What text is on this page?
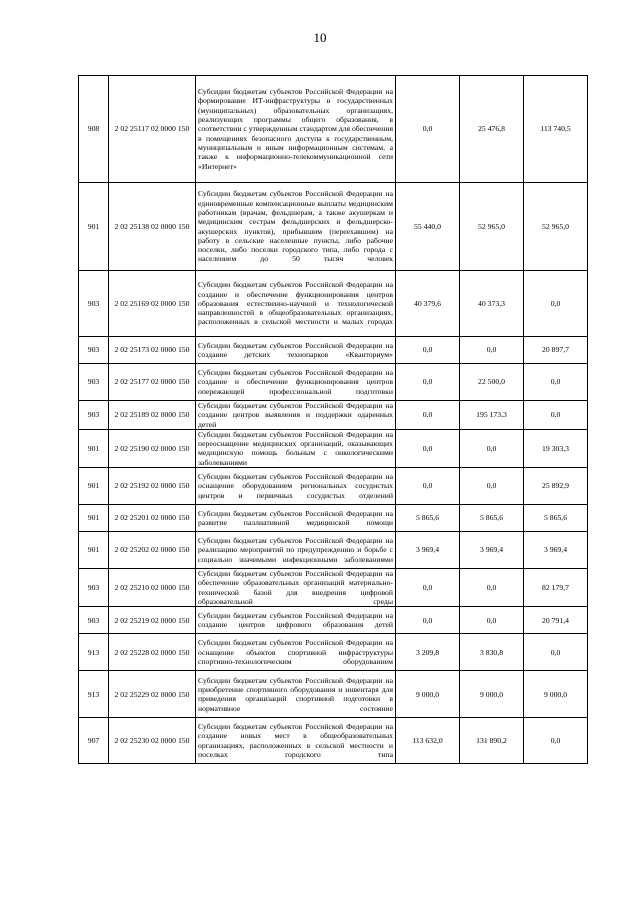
10
908	2 02 25117 02 0000 150	Субсидии бюджетам субъектов Российской Федерации на формирование ИТ-инфраструктуры в государственных (муниципальных) образовательных организациях, реализующих программы общего образования, в соответствии с утвержденным стандартом для обеспечения в помещениях безопасного доступа к государственным, муниципальным и иным информационным системам, а также к информационно-телекоммуникационной сети «Интернет»	0,0	25 476,8	113 740,5
901	2 02 25138 02 0000 150	Субсидии бюджетам субъектов Российской Федерации на единовременные компенсационные выплаты медицинским работникам (врачам, фельдшерам, а также акушеркам и медицинским сестрам фельдшерских и фельдшерско-акушерских пунктов), прибывшим (переехавшим) на работу в сельские населенные пункты, либо рабочие поселки, либо поселки городского типа, либо города с населением до 50 тысяч человек	55 440,0	52 965,0	52 965,0
903	2 02 25169 02 0000 150	Субсидии бюджетам субъектов Российской Федерации на создание и обеспечение функционирования центров образования естественно-научной и технологической направленностей в общеобразовательных организациях, расположенных в сельской местности и малых городах	40 379,6	40 373,3	0,0
903	2 02 25173 02 0000 150	Субсидии бюджетам субъектов Российской Федерации на создание детских технопарков «Кванториум»	0,0	0,0	20 897,7
903	2 02 25177 02 0000 150	Субсидии бюджетам субъектов Российской Федерации на создание и обеспечение функционирования центров опережающей профессиональной подготовки	0,0	22 500,0	0,0
903	2 02 25189 02 0000 150	Субсидии бюджетам субъектов Российской Федерации на создание центров выявления и поддержки одаренных детей	0,0	195 173,3	0,0
901	2 02 25190 02 0000 150	Субсидии бюджетам субъектов Российской Федерации на переоснащение медицинских организаций, оказывающих медицинскую помощь больным с онкологическими заболеваниями	0,0	0,0	19 303,3
901	2 02 25192 02 0000 150	Субсидии бюджетам субъектов Российской Федерации на оснащение оборудованием региональных сосудистых центров и первичных сосудистых отделений	0,0	0,0	25 892,9
901	2 02 25201 02 0000 150	Субсидии бюджетам субъектов Российской Федерации на развитие паллиативной медицинской помощи	5 865,6	5 865,6	5 865,6
901	2 02 25202 02 0000 150	Субсидии бюджетам субъектов Российской Федерации на реализацию мероприятий по предупреждению и борьбе с социально значимыми инфекционными заболеваниями	3 969,4	3 969,4	3 969,4
903	2 02 25210 02 0000 150	Субсидии бюджетам субъектов Российской Федерации на обеспечение образовательных организаций материально-технической базой для внедрения цифровой образовательной среды	0,0	0,0	82 179,7
903	2 02 25219 02 0000 150	Субсидии бюджетам субъектов Российской Федерации на создание центров цифрового образования детей	0,0	0,0	20 791,4
913	2 02 25228 02 0000 150	Субсидии бюджетам субъектов Российской Федерации на оснащение объектов спортивной инфраструктуры спортивно-технологическим оборудованием	3 209,8	3 830,8	0,0
913	2 02 25229 02 0000 150	Субсидии бюджетам субъектов Российской Федерации на приобретение спортивного оборудования и инвентаря для приведения организаций спортивной подготовки в нормативное состояние	9 000,0	9 000,0	9 000,0
907	2 02 25230 02 0000 150	Субсидии бюджетам субъектов Российской Федерации на создание новых мест в общеобразовательных организациях, расположенных в сельской местности и поселках городского типа	113 632,0	131 890,2	0,0
